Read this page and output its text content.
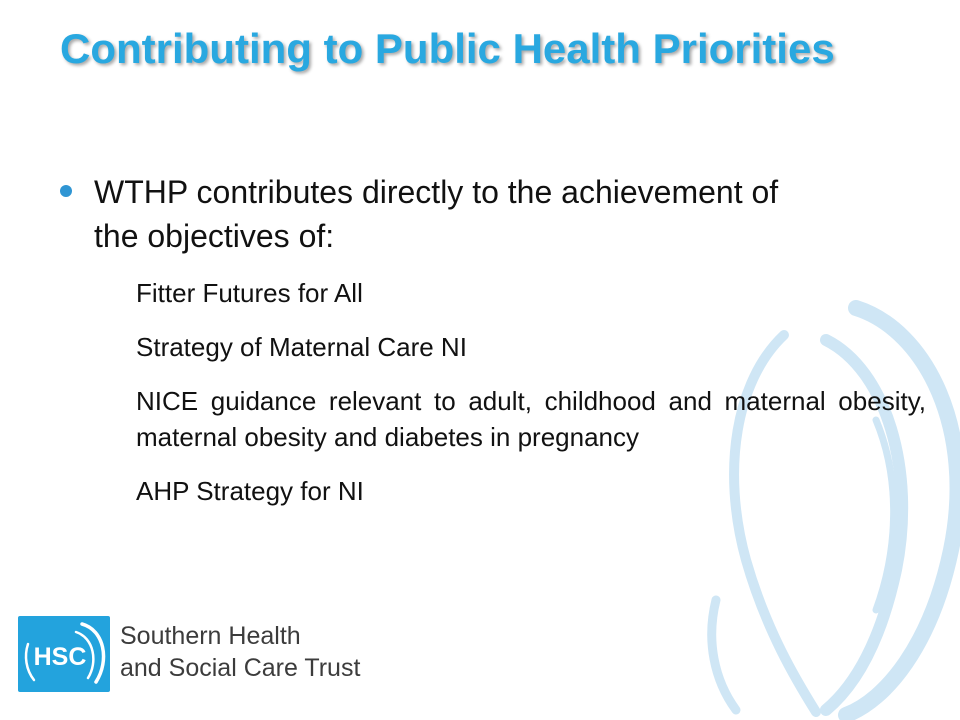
Contributing to Public Health Priorities
WTHP contributes directly to the achievement of the objectives of:
Fitter Futures for All
Strategy of Maternal Care NI
NICE guidance relevant to adult, childhood and maternal obesity, maternal obesity and diabetes in pregnancy
AHP Strategy for NI
HSC
Southern Health
and Social Care Trust
